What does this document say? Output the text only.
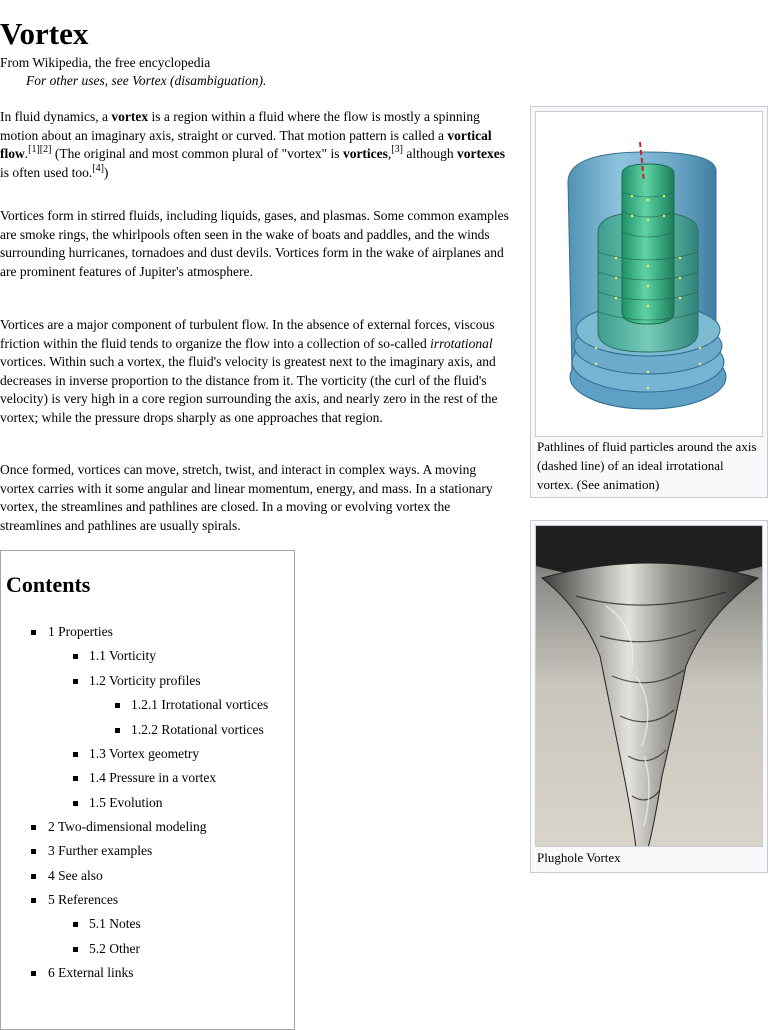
Vortex
From Wikipedia, the free encyclopedia
For other uses, see Vortex (disambiguation).

In fluid dynamics, a vortex is a region within a fluid where the flow is mostly a spinning motion about an imaginary axis, straight or curved. That motion pattern is called a vortical flow.[1][2] (The original and most common plural of "vortex" is vortices,[3] although vortexes is often used too.[4])

Vortices form in stirred fluids, including liquids, gases, and plasmas. Some common examples are smoke rings, the whirlpools often seen in the wake of boats and paddles, and the winds surrounding hurricanes, tornadoes and dust devils. Vortices form in the wake of airplanes and are prominent features of Jupiter's atmosphere.

Vortices are a major component of turbulent flow. In the absence of external forces, viscous friction within the fluid tends to organize the flow into a collection of so-called irrotational vortices. Within such a vortex, the fluid's velocity is greatest next to the imaginary axis, and decreases in inverse proportion to the distance from it. The vorticity (the curl of the fluid's velocity) is very high in a core region surrounding the axis, and nearly zero in the rest of the vortex; while the pressure drops sharply as one approaches that region.

Once formed, vortices can move, stretch, twist, and interact in complex ways. A moving vortex carries with it some angular and linear momentum, energy, and mass. In a stationary vortex, the streamlines and pathlines are closed. In a moving or evolving vortex the streamlines and pathlines are usually spirals.

Pathlines of fluid particles around the axis (dashed line) of an ideal irrotational vortex. (See animation)
Plughole Vortex
Contents
1 Properties
1.1 Vorticity
1.2 Vorticity profiles
1.2.1 Irrotational vortices
1.2.2 Rotational vortices
1.3 Vortex geometry
1.4 Pressure in a vortex
1.5 Evolution
2 Two-dimensional modeling
3 Further examples
4 See also
5 References
5.1 Notes
5.2 Other
6 External links
